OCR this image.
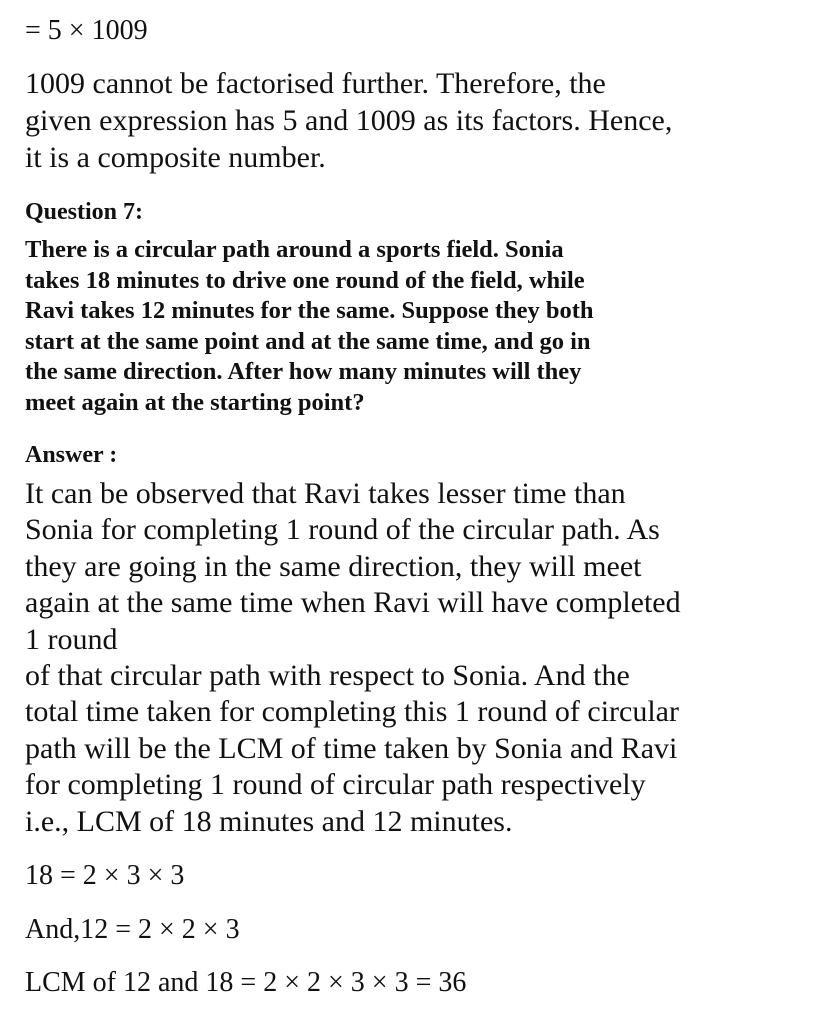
= 5 × 1009

1009 cannot be factorised further. Therefore, the
given expression has 5 and 1009 as its factors. Hence,
it is a composite number.

Question 7:

There is a circular path around a sports field. Sonia
takes 18 minutes to drive one round of the field, while
Ravi takes 12 minutes for the same. Suppose they both
start at the same point and at the same time, and go in
the same direction. After how many minutes will they
meet again at the starting point?

Answer :

It can be observed that Ravi takes lesser time than
Sonia for completing 1 round of the circular path. As
they are going in the same direction, they will meet
again at the same time when Ravi will have completed
1 round
of that circular path with respect to Sonia. And the
total time taken for completing this 1 round of circular
path will be the LCM of time taken by Sonia and Ravi
for completing 1 round of circular path respectively
i.e., LCM of 18 minutes and 12 minutes.

18 = 2 × 3 × 3

And,12 = 2 × 2 × 3

LCM of 12 and 18 = 2 × 2 × 3 × 3 = 36
